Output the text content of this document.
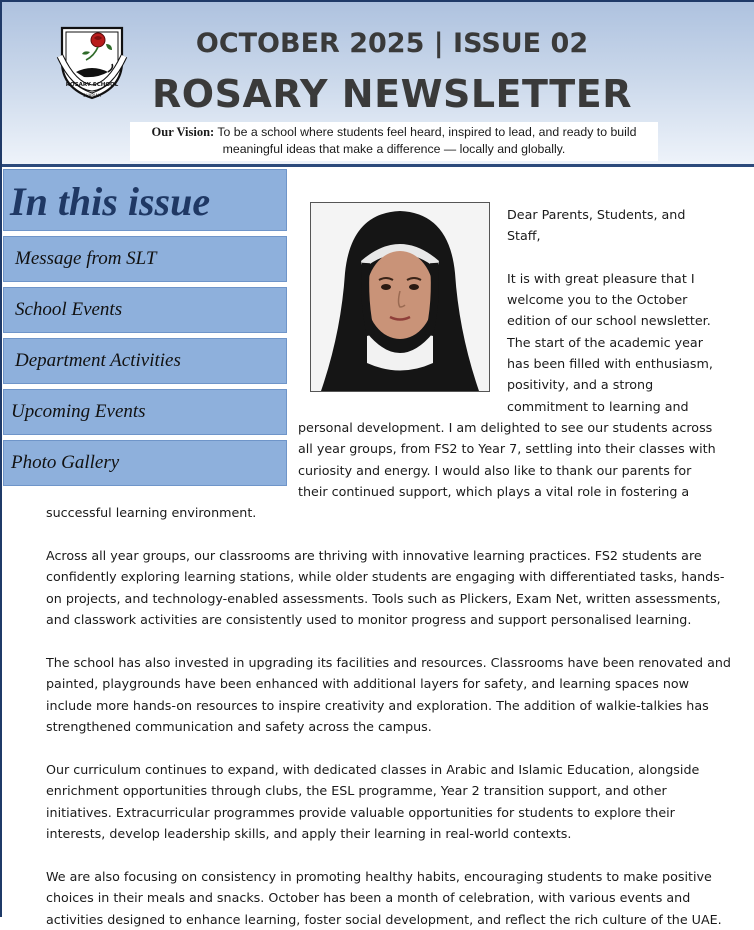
ROSARY SCHOOL
SHARJAH
OCTOBER 2025 | ISSUE 02
ROSARY NEWSLETTER
Our Vision: To be a school where students feel heard, inspired to lead, and ready to build
meaningful ideas that make a difference — locally and globally.
In this issue
Message from SLT
School Events
Department Activities
Upcoming Events
Photo Gallery
Dear Parents, Students, and
Staff,

It is with great pleasure that I
welcome you to the October
edition of our school newsletter.
The start of the academic year
has been filled with enthusiasm,
positivity, and a strong
commitment to learning and
personal development. I am delighted to see our students across
all year groups, from FS2 to Year 7, settling into their classes with
curiosity and energy. I would also like to thank our parents for
their continued support, which plays a vital role in fostering a
successful learning environment.
Across all year groups, our classrooms are thriving with innovative learning practices. FS2 students are
confidently exploring learning stations, while older students are engaging with differentiated tasks, hands-
on projects, and technology-enabled assessments. Tools such as Plickers, Exam Net, written assessments,
and classwork activities are consistently used to monitor progress and support personalised learning.
The school has also invested in upgrading its facilities and resources. Classrooms have been renovated and
painted, playgrounds have been enhanced with additional layers for safety, and learning spaces now
include more hands-on resources to inspire creativity and exploration. The addition of walkie-talkies has
strengthened communication and safety across the campus.
Our curriculum continues to expand, with dedicated classes in Arabic and Islamic Education, alongside
enrichment opportunities through clubs, the ESL programme, Year 2 transition support, and other
initiatives. Extracurricular programmes provide valuable opportunities for students to explore their
interests, develop leadership skills, and apply their learning in real-world contexts.
We are also focusing on consistency in promoting healthy habits, encouraging students to make positive
choices in their meals and snacks. October has been a month of celebration, with various events and
activities designed to enhance learning, foster social development, and reflect the rich culture of the UAE.
